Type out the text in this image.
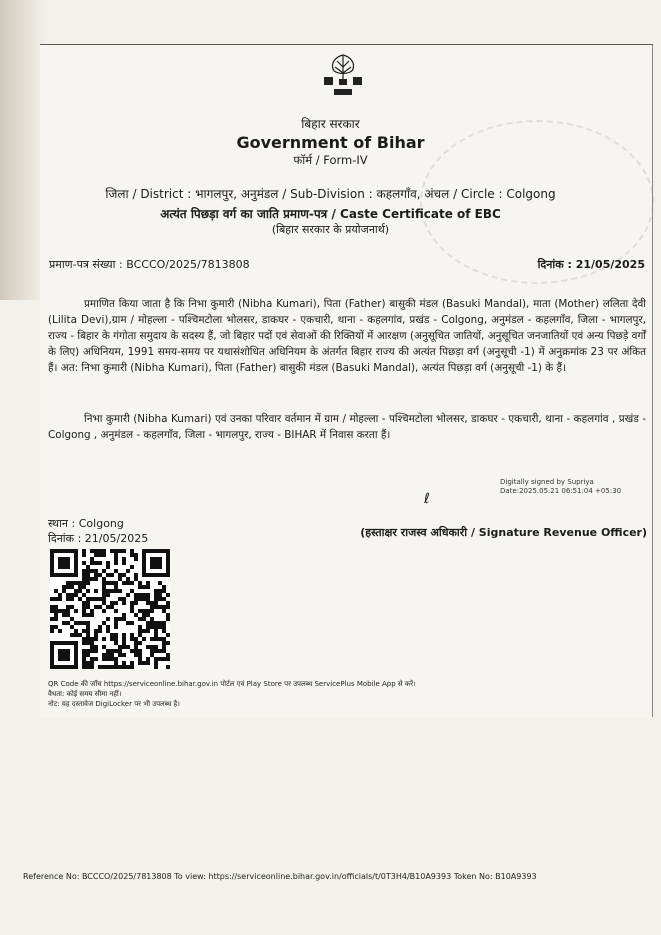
बिहार सरकार
Government of Bihar
फॉर्म / Form-IV
जिला / District : भागलपुर, अनुमंडल / Sub-Division : कहलगाँव, अंचल / Circle : Colgong
अत्यंत पिछड़ा वर्ग का जाति प्रमाण-पत्र / Caste Certificate of EBC
(बिहार सरकार के प्रयोजनार्थ)
प्रमाण-पत्र संख्या : BCCCO/2025/7813808	दिनांक : 21/05/2025
प्रमाणित किया जाता है कि निभा कुमारी (Nibha Kumari), पिता (Father) बासुकी मंडल (Basuki Mandal), माता (Mother) ललिता देवी (Lilita Devi),ग्राम / मोहल्ला - पश्चिमटोला भोलसर, डाकघर - एकचारी, थाना - कहलगांव, प्रखंड - Colgong, अनुमंडल - कहलगाँव, जिला - भागलपुर, राज्य - बिहार के गंगोता समुदाय के सदस्य हैं, जो बिहार पदों एवं सेवाओं की रिक्तियों में आरक्षण (अनुसूचित जातियों, अनुसूचित जनजातियों एवं अन्य पिछड़े वर्गों के लिए) अधिनियम, 1991 समय-समय पर यथासंशोधित अधिनियम के अंतर्गत बिहार राज्य की अत्यंत पिछड़ा वर्ग (अनुसूची -1) में अनुक्रमांक 23 पर अंकित हैं। अत: निभा कुमारी (Nibha Kumari), पिता (Father) बासुकी मंडल (Basuki Mandal), अत्यंत पिछड़ा वर्ग (अनुसूची -1) के हैं।
निभा कुमारी (Nibha Kumari) एवं उनका परिवार वर्तमान में ग्राम / मोहल्ला - पश्चिमटोला भोलसर, डाकघर - एकचारी, थाना - कहलगांव , प्रखंड - Colgong , अनुमंडल - कहलगाँव, जिला - भागलपुर, राज्य - BIHAR में निवास करता हैं।
Digitally signed by Supriya
Date:2025.05.21 06:51:04 +05:30
ℓ
स्थान : Colgong
दिनांक : 21/05/2025	(हस्ताक्षर राजस्व अधिकारी / Signature Revenue Officer)
QR Code की जाँच https://serviceonline.bihar.gov.in पोर्टल एवं Play Store पर उपलब्ध ServicePlus Mobile App से करें।
वैधता: कोई समय सीमा नहीं।
नोट: यह दस्तावेज DigiLocker पर भी उपलब्ध है।
Reference No: BCCCO/2025/7813808 To view: https://serviceonline.bihar.gov.in/officials/t/0T3H4/B10A9393 Token No: B10A9393
